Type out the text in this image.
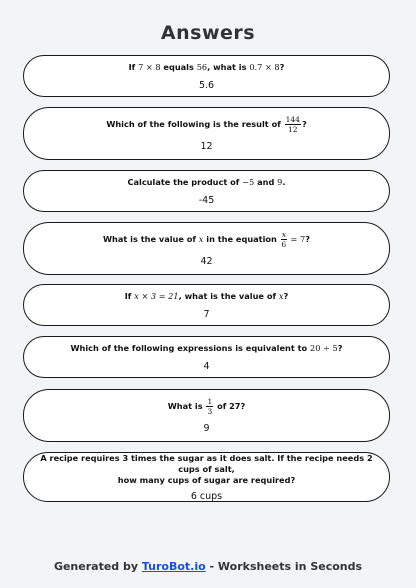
Answers
If 7 × 8 equals 56, what is 0.7 × 8?
5.6
Which of the following is the result of $\frac{144}{12}$ ?
12
Calculate the product of −5 and 9.
-45
What is the value of x in the equation $\frac{x}{6} = 7$?
42
If x × 3 = 21, what is the value of x?
7
Which of the following expressions is equivalent to 20 ÷ 5?
4
What is $\frac{1}{3}$ of 27?
9
A recipe requires 3 times the sugar as it does salt. If the recipe needs 2 cups of salt,
how many cups of sugar are required?
6 cups
Generated by TuroBot.io - Worksheets in Seconds
